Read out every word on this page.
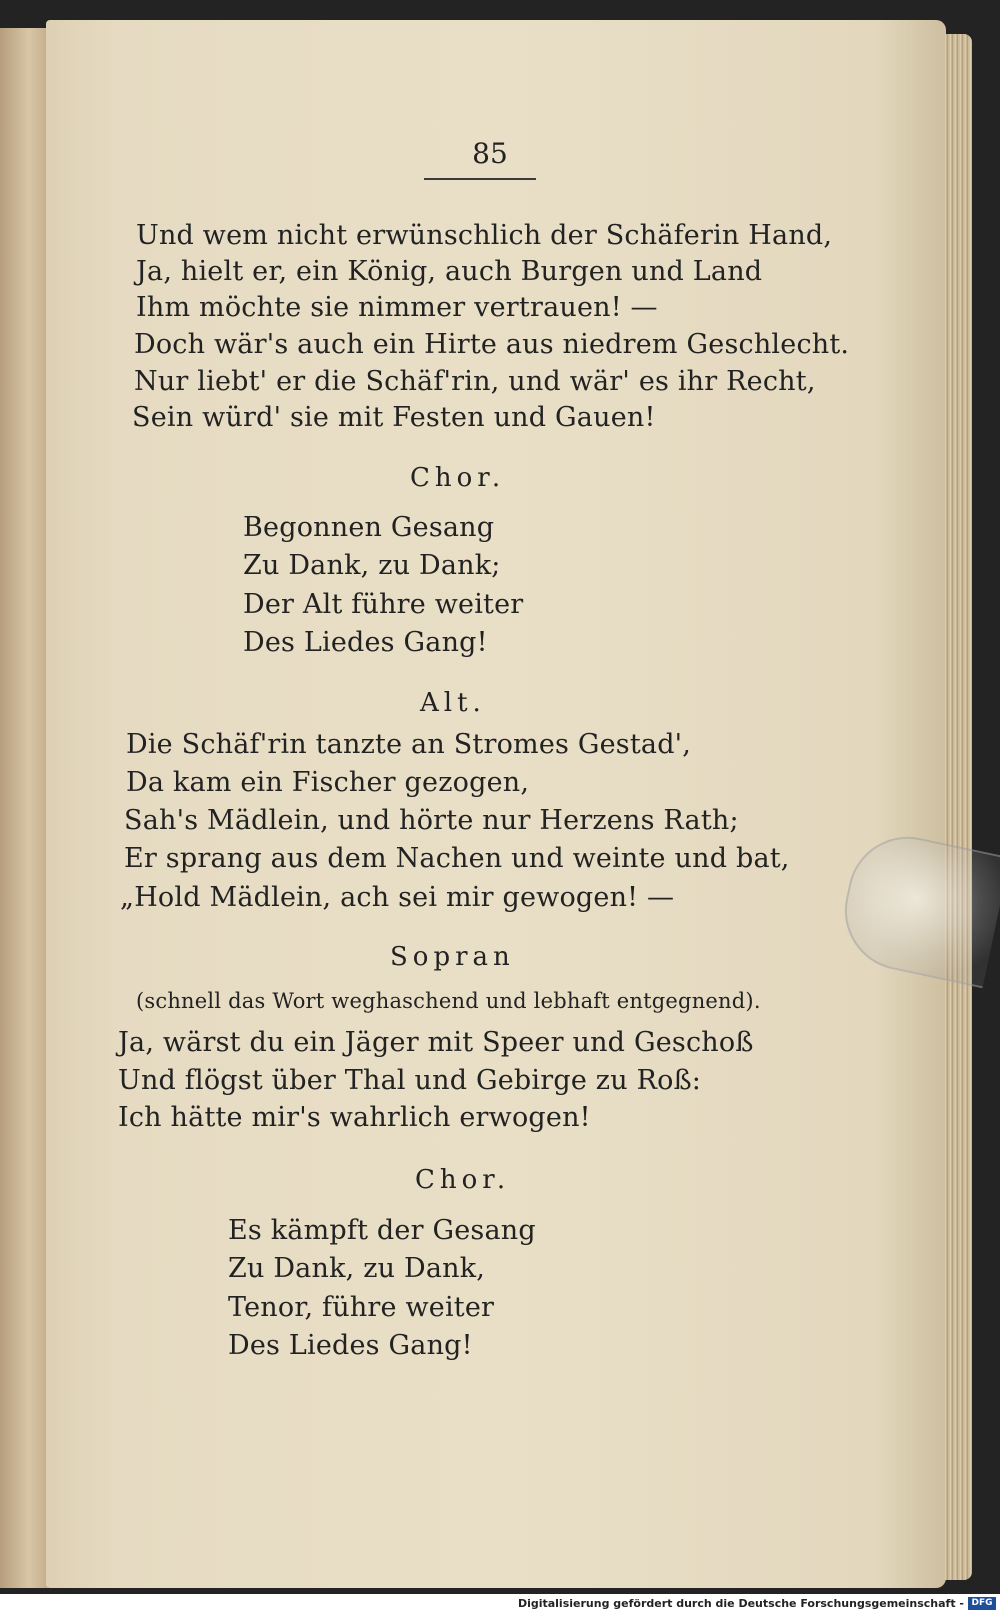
85
Und wem nicht erwünschlich der Schäferin Hand,
Ja, hielt er, ein König, auch Burgen und Land
Ihm möchte sie nimmer vertrauen! —
Doch wär's auch ein Hirte aus niedrem Geschlecht.
Nur liebt' er die Schäf'rin, und wär' es ihr Recht,
Sein würd' sie mit Festen und Gauen!
Chor.
Begonnen Gesang
Zu Dank, zu Dank;
Der Alt führe weiter
Des Liedes Gang!
Alt.
Die Schäf'rin tanzte an Stromes Gestad',
Da kam ein Fischer gezogen,
Sah's Mädlein, und hörte nur Herzens Rath;
Er sprang aus dem Nachen und weinte und bat,
„Hold Mädlein, ach sei mir gewogen! —
Sopran
(schnell das Wort weghaschend und lebhaft entgegnend).
Ja, wärst du ein Jäger mit Speer und Geschoß
Und flögst über Thal und Gebirge zu Roß:
Ich hätte mir's wahrlich erwogen!
Chor.
Es kämpft der Gesang
Zu Dank, zu Dank,
Tenor, führe weiter
Des Liedes Gang!
Digitalisierung gefördert durch die Deutsche Forschungsgemeinschaft - DFG
